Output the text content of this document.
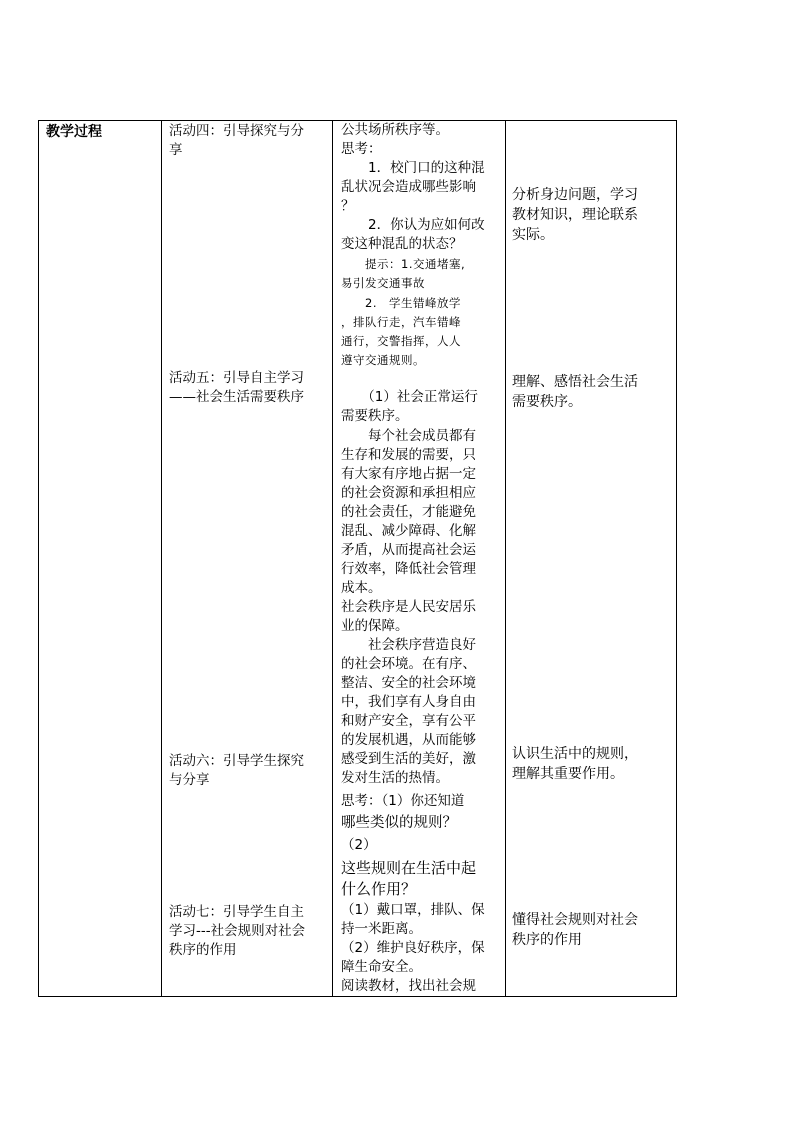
教学过程	活动四：引导探究与分
享
活动五：引导自主学习
——社会生活需要秩序
活动六：引导学生探究
与分享
活动七：引导学生自主
学习---社会规则对社会
秩序的作用
公共场所秩序等。
思考：
　　1．校门口的这种混
乱状况会造成哪些影响
？
　　2．你认为应如何改
变这种混乱的状态？
　　提示：1.交通堵塞,
易引发交通事故
　　2.　学生错峰放学
，排队行走，汽车错峰
通行，交警指挥，人人
遵守交通规则。
　　（1）社会正常运行
需要秩序。
　　每个社会成员都有
生存和发展的需要，只
有大家有序地占据一定
的社会资源和承担相应
的社会责任，才能避免
混乱、减少障碍、化解
矛盾，从而提高社会运
行效率，降低社会管理
成本。
社会秩序是人民安居乐
业的保障。
　　社会秩序营造良好
的社会环境。在有序、
整洁、安全的社会环境
中，我们享有人身自由
和财产安全，享有公平
的发展机遇，从而能够
感受到生活的美好，激
发对生活的热情。
思考：（1）你还知道
哪些类似的规则？
（2）
这些规则在生活中起
什么作用？
（1）戴口罩，排队、保
持一米距离。
（2）维护良好秩序，保
障生命安全。
阅读教材，找出社会规
分析身边问题，学习
教材知识，理论联系
实际。
理解、感悟社会生活
需要秩序。
认识生活中的规则，
理解其重要作用。
懂得社会规则对社会
秩序的作用
